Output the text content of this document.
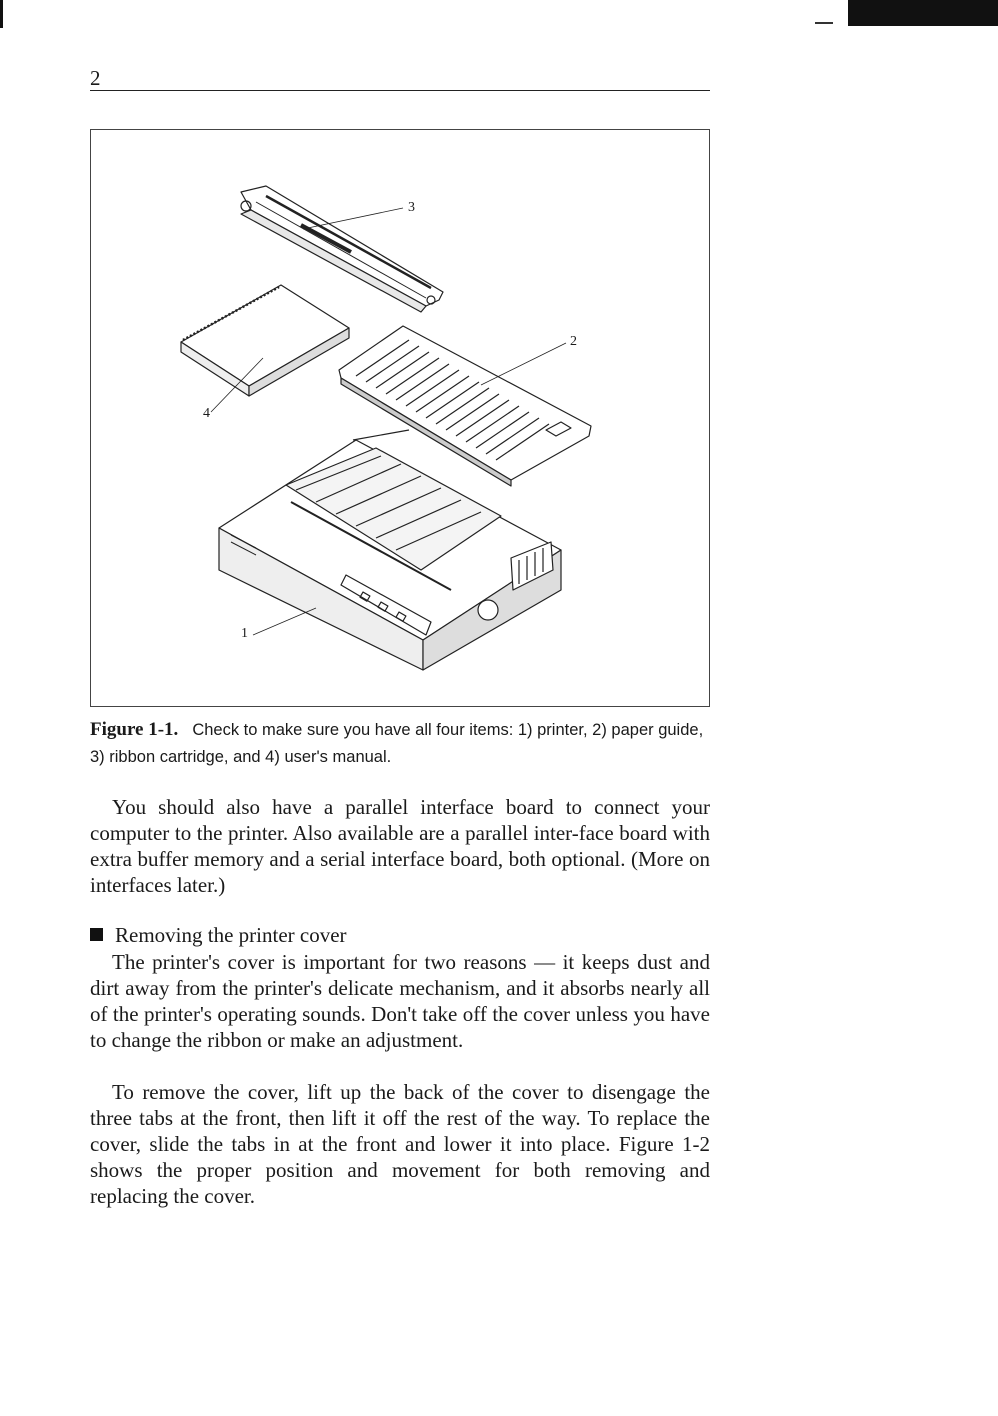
2
1
2
3
4
Figure 1-1. Check to make sure you have all four items: 1) printer, 2) paper guide, 3) ribbon cartridge, and 4) user's manual.

You should also have a parallel interface board to connect your computer to the printer. Also available are a parallel inter-face board with extra buffer memory and a serial interface board, both optional. (More on interfaces later.)

Removing the printer cover

The printer's cover is important for two reasons — it keeps dust and dirt away from the printer's delicate mechanism, and it absorbs nearly all of the printer's operating sounds. Don't take off the cover unless you have to change the ribbon or make an adjustment.

To remove the cover, lift up the back of the cover to disengage the three tabs at the front, then lift it off the rest of the way. To replace the cover, slide the tabs in at the front and lower it into place. Figure 1-2 shows the proper position and movement for both removing and replacing the cover.
